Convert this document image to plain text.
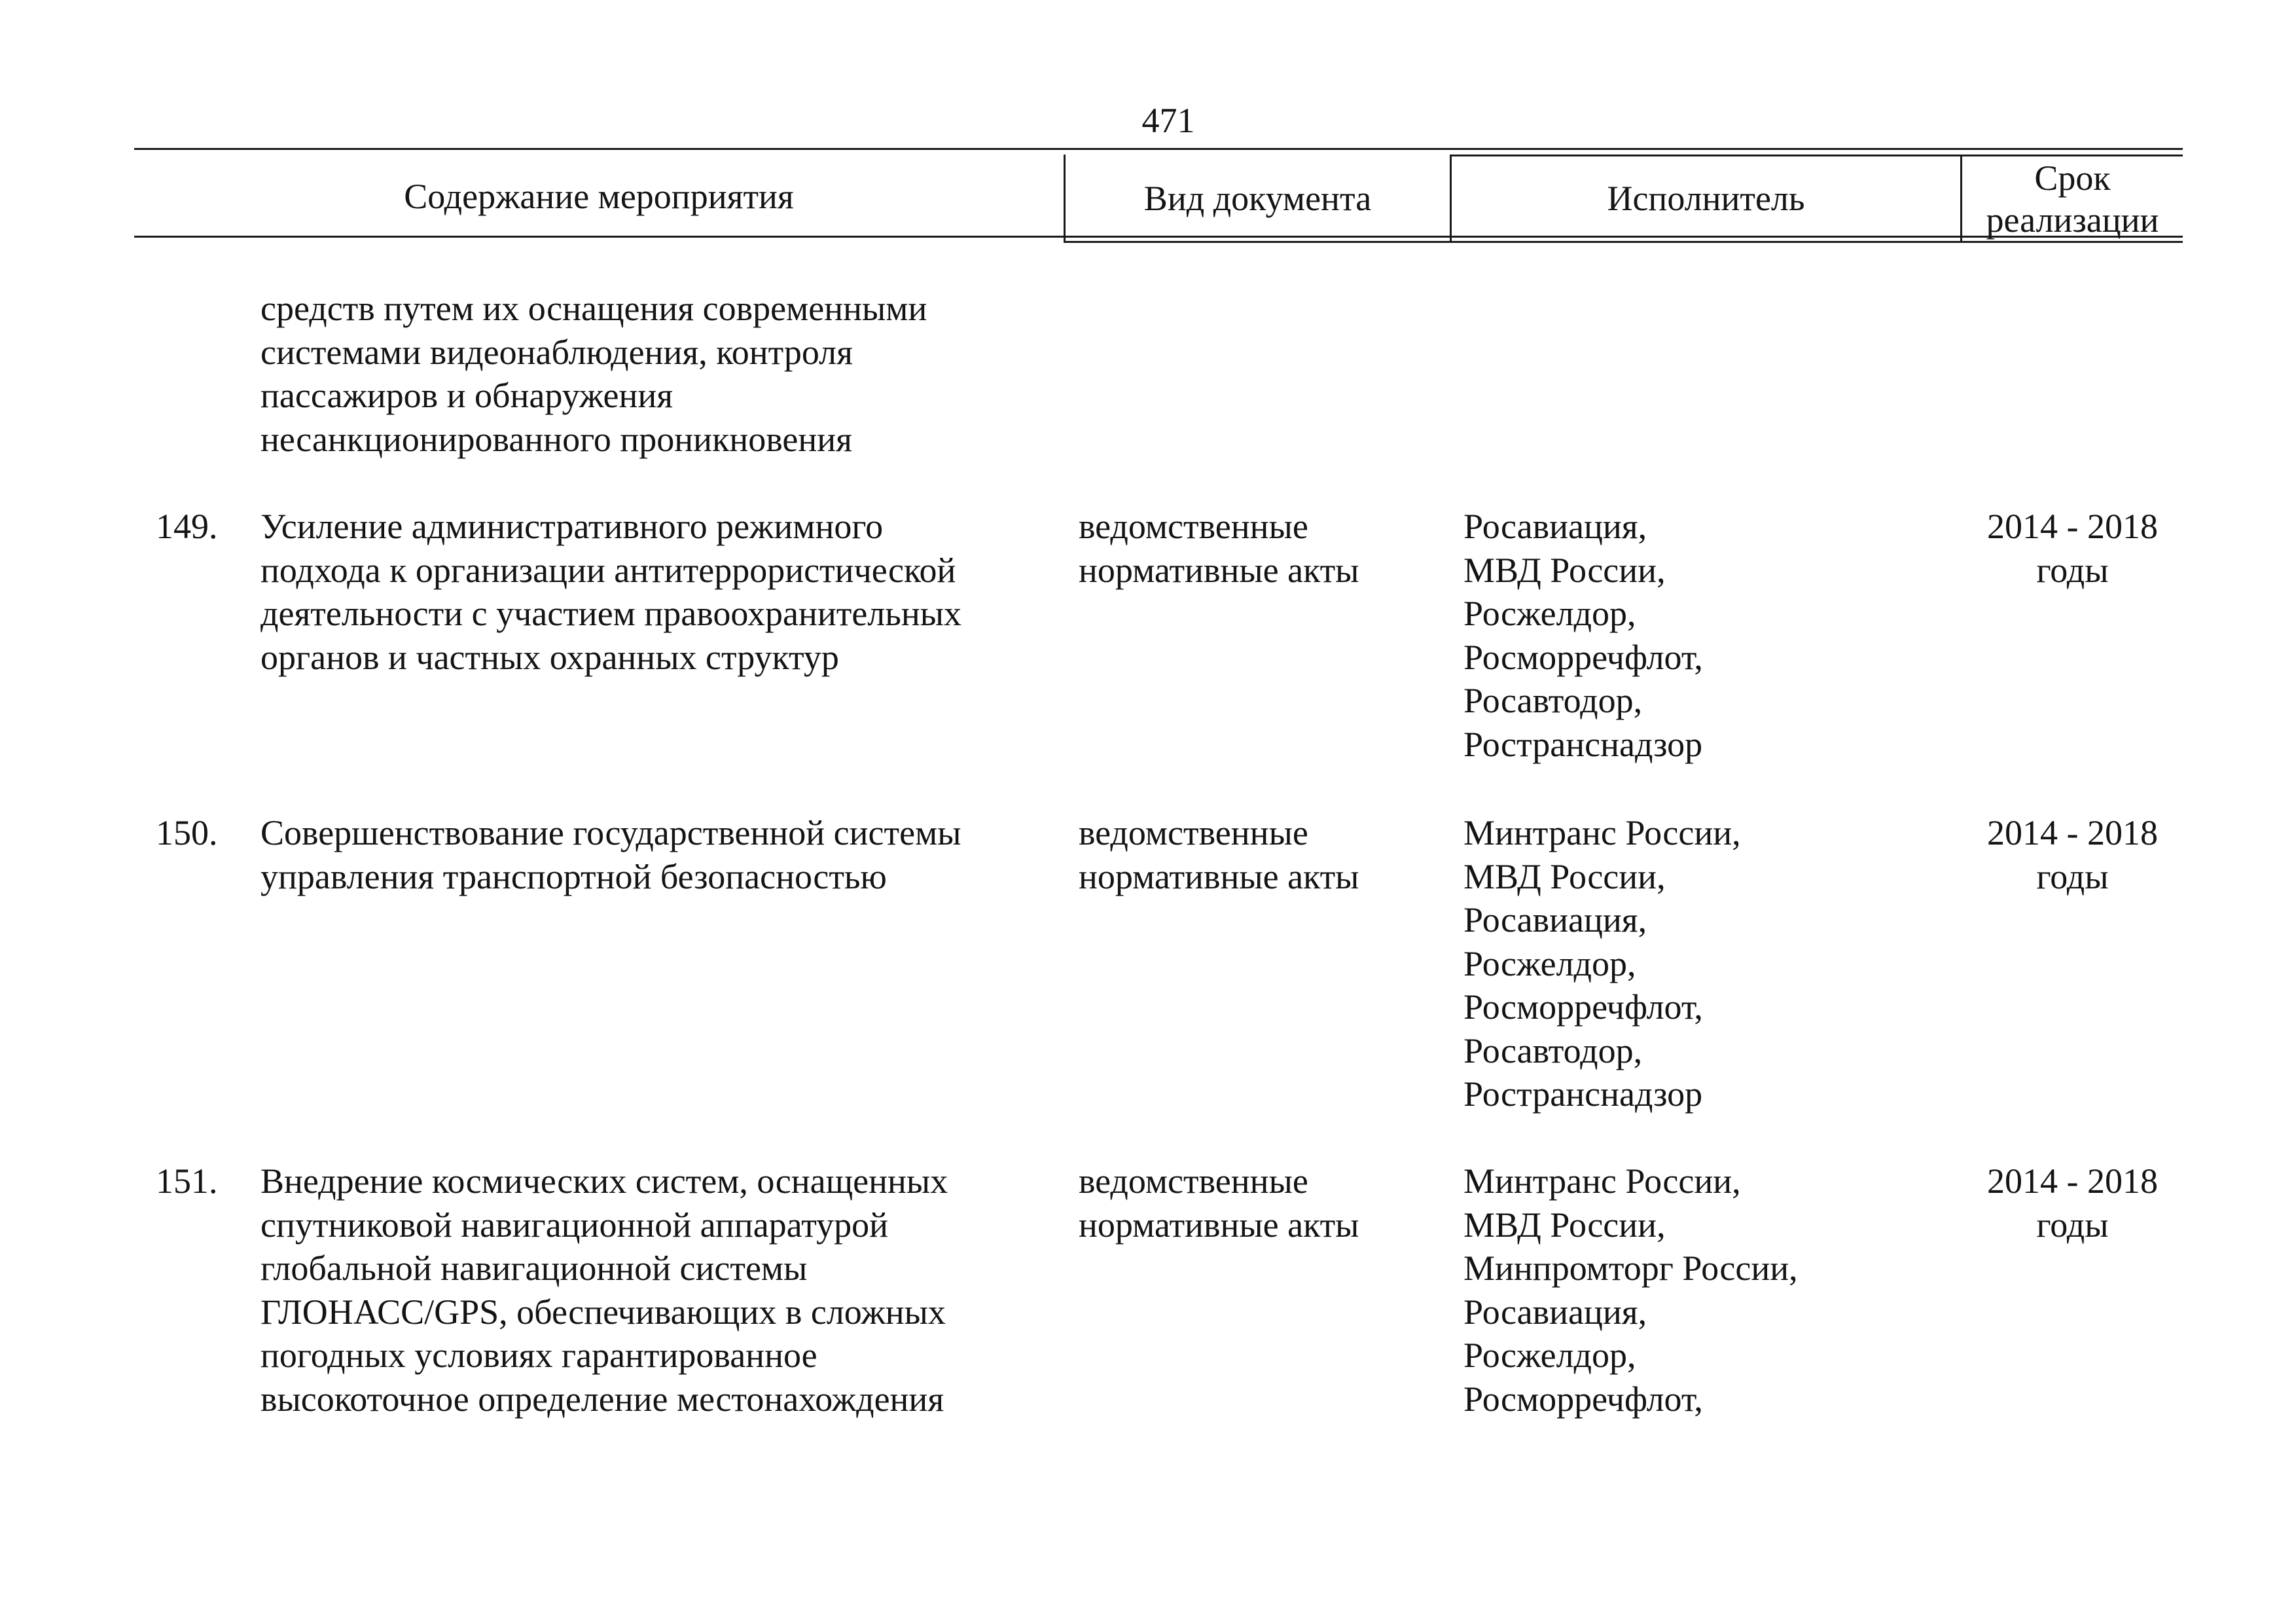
471
Содержание мероприятия	Вид документа	Исполнитель
Срок
реализации
средств путем их оснащения современными
системами видеонаблюдения, контроля
пассажиров и обнаружения
несанкционированного проникновения
149. Усиление административного режимного
подхода к организации антитеррористической
деятельности с участием правоохранительных
органов и частных охранных структур
ведомственные
нормативные акты
Росавиация,
МВД России,
Росжелдор,
Росморречфлот,
Росавтодор,
Ространснадзор
2014 - 2018
годы
150. Совершенствование государственной системы
управления транспортной безопасностью
ведомственные
нормативные акты
Минтранс России,
МВД России,
Росавиация,
Росжелдор,
Росморречфлот,
Росавтодор,
Ространснадзор
2014 - 2018
годы
151. Внедрение космических систем, оснащенных
спутниковой навигационной аппаратурой
глобальной навигационной системы
ГЛОНАСС/GPS, обеспечивающих в сложных
погодных условиях гарантированное
высокоточное определение местонахождения
ведомственные
нормативные акты
Минтранс России,
МВД России,
Минпромторг России,
Росавиация,
Росжелдор,
Росморречфлот,
2014 - 2018
годы
